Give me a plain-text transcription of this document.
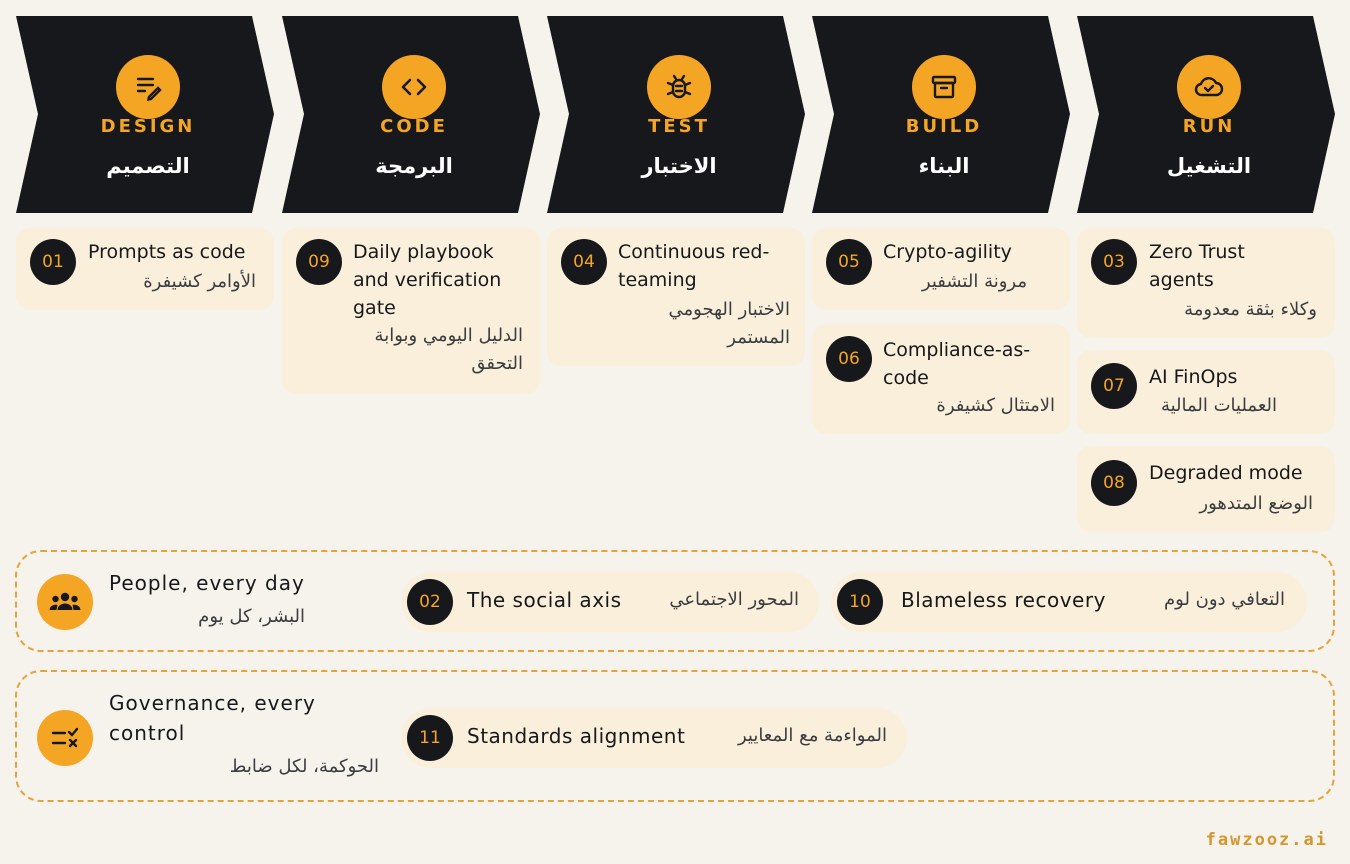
DESIGN
التصميم
CODE
البرمجة
TEST
الاختبار
BUILD
البناء
RUN
التشغيل
01	Prompts as code
الأوامر كشيفرة
09	Daily playbook and verification gate
الدليل اليومي وبوابة التحقق
04	Continuous red-teaming
الاختبار الهجومي المستمر
05	Crypto-agility
مرونة التشفير
06	Compliance-as-code
الامتثال كشيفرة
03	Zero Trust agents
وكلاء بثقة معدومة
07	AI FinOps
العمليات المالية
08	Degraded mode
الوضع المتدهور
People, every day
البشر، كل يوم
02	The social axis	المحور الاجتماعي	10	Blameless recovery	التعافي دون لوم
Governance, every control
الحوكمة، لكل ضابط
11	Standards alignment	المواءمة مع المعايير
fawzooz.ai
